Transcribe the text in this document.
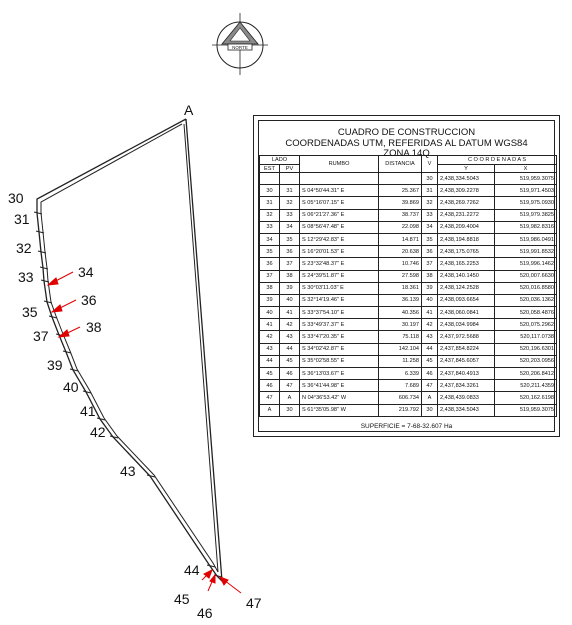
NORTE
A
30
31
32
33	34
35
36
37
38
39
40
41
42
43
44
45
46
47
CUADRO DE CONSTRUCCION
COORDENADAS UTM, REFERIDAS AL DATUM WGS84
ZONA 14Q
LADO		RUMBO	DISTANCIA	V	C O O R D E N A D A S	
EST	PV				Y	X
				30	2,438,334.5043	519,959.3075
30	31	S 04°50'44.31" E	25.367	31	2,438,309.2278	519,971.4503
31	32	S 05°16'07.15" E	39.869	32	2,438,269.7262	519,975.0930
32	33	S 06°21'27.36" E	38.737	33	2,438,231.2272	519,979.3825
33	34	S 08°56'47.48" E	22.098	34	2,438,209.4004	519,982.8316
34	35	S 12°29'42.83" E	14.871	35	2,438,194.8818	519,986.0491
35	36	S 16°20'01.53" E	20.638	36	2,438,175.0765	519,991.8532
36	37	S 23°32'48.37" E	10.746	37	2,438,165.2253	519,996.1462
37	38	S 24°39'51.87" E	27.598	38	2,438,140.1450	520,007.6630
38	39	S 30°03'11.03" E	18.361	39	2,438,124.2528	520,016.8580
39	40	S 32°14'19.46" E	36.139	40	2,438,093.6654	520,036.1362
40	41	S 33°37'54.10" E	40.356	41	2,438,060.0841	520,058.4876
41	42	S 33°49'37.37" E	30.197	42	2,438,034.9984	520,075.2962
42	43	S 33°47'20.35" E	75.118	43	2,437,972.5688	520,117.0738
43	44	S 34°02'42.87" E	142.104	44	2,437,854.8224	520,196.6301
44	45	S 35°02'58.55" E	11.258	45	2,437,845.6057	520,203.0956
45	46	S 36°13'03.67" E	6.339	46	2,437,840.4913	520,206.8412
46	47	S 36°41'44.98" E	7.689	47	2,437,834.3261	520,211.4359
47	A	N 04°36'53.42" W	606.734	A	2,438,439.0833	520,162.6198
A	30	S 61°35'05.98" W	219.792	30	2,438,334.5043	519,959.3075
SUPERFICIE = 7-68-32.607 Ha
